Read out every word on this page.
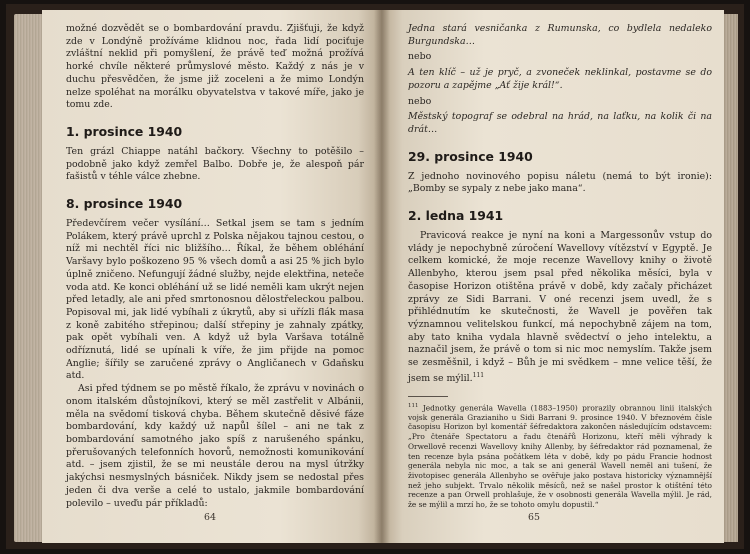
možné dozvědět se o bombardování pravdu. Zjišťuji, že když zde v Londýně prožíváme klidnou noc, řada lidí pociťuje zvláštní neklid při pomyšlení, že právě teď možná prožívá horké chvíle některé průmyslové město. Každý z nás je v duchu přesvědčen, že jsme již zoceleni a že mimo Londýn nelze spoléhat na morálku obyvatelstva v takové míře, jako je tomu zde.

1. prosince 1940

Ten grázl Chiappe natáhl bačkory. Všechny to potěšilo – podobně jako když zemřel Balbo. Dobře je, že alespoň pár fašistů v téhle válce zhebne.

8. prosince 1940

Předevčírem večer vysílání… Setkal jsem se tam s jedním Polákem, který právě uprchl z Polska nějakou tajnou cestou, o níž mi nechtěl říci nic bližšího… Říkal, že během obléhání Varšavy bylo poškozeno 95 % všech domů a asi 25 % jich bylo úplně zničeno. Nefungují žádné služby, nejde elektřina, neteče voda atd. Ke konci obléhání už se lidé neměli kam ukrýt nejen před letadly, ale ani před smrtonosnou dělostřeleckou palbou. Popisoval mi, jak lidé vybíhali z úkrytů, aby si uřízli flák masa z koně zabitého střepinou; další střepiny je zahnaly zpátky, pak opět vybíhali ven. A když už byla Varšava totálně odříznutá, lidé se upínali k víře, že jim přijde na pomoc Anglie; šířily se zaručené zprávy o Angličanech v Gdaňsku atd.

Asi před týdnem se po městě říkalo, že zprávu v novinách o onom italském důstojníkovi, který se měl zastřelit v Albánii, měla na svědomí tisková chyba. Během skutečně děsivé fáze bombardování, kdy každý už napůl šílel – ani ne tak z bombardování samotného jako spíš z narušeného spánku, přerušovaných telefonních hovorů, nemožnosti komunikování atd. – jsem zjistil, že se mi neustále derou na mysl útržky jakýchsi nesmyslných básniček. Nikdy jsem se nedostal přes jeden či dva verše a celé to ustalo, jakmile bombardování polevilo – uveďu pár příkladů:

64

Jedna stará vesničanka z Rumunska, co bydlela nedaleko Burgundska…

nebo

A ten klíč – už je pryč, a zvoneček neklinkal, postavme se do pozoru a zapějme „Ať žije král!“.

nebo

Městský topograf se odebral na hrád, na laťku, na kolik či na drát…

29. prosince 1940

Z jednoho novinového popisu náletu (nemá to být ironie): „Bomby se sypaly z nebe jako mana“.

2. ledna 1941

Pravicová reakce je nyní na koni a Margessonův vstup do vlády je nepochybně zúročení Wavellovy vítězství v Egyptě. Je celkem komické, že moje recenze Wavellovy knihy o životě Allenbyho, kterou jsem psal před několika měsíci, byla v časopise Horizon otištěna právě v době, kdy začaly přicházet zprávy ze Sidi Barrani. V oné recenzi jsem uvedl, že s přihlédnutím ke skutečnosti, že Wavell je pověřen tak významnou velitelskou funkcí, má nepochybně zájem na tom, aby tato kniha vydala hlavně svědectví o jeho intelektu, a naznačil jsem, že právě o tom si nic moc nemyslím. Takže jsem se zesměšnil, i když – Bůh je mi svědkem – mne velice těší, že jsem se mýlil.$^{111}$

$^{111}$ Jednotky generála Wavella (1883–1950) prorazily obrannou linii italských vojsk generála Grazianiho u Sidi Barrani 9. prosince 1940. V březnovém čísle časopisu Horizon byl komentář šéfredaktora zakončen následujícím odstavcem: „Pro čtenáře Spectatoru a řadu čtenářů Horizonu, kteří měli výhrady k Orwellově recenzi Wavellovy knihy Allenby, by šéfredaktor rád poznamenal, že ten recenze byla psána počátkem léta v době, kdy po pádu Francie hodnost generála nebyla nic moc, a tak se ani generál Wavell neměl ani tušení, že životopisec generála Allenbyho se ověřuje jako postava historicky významnější než jeho subjekt. Trvalo několik měsíců, než se našel prostor k otištění této recenze a pan Orwell prohlašuje, že v osobnosti generála Wavella mýlil. Je rád, že se mýlil a mrzí ho, že se tohoto omylu dopustil.“

65
